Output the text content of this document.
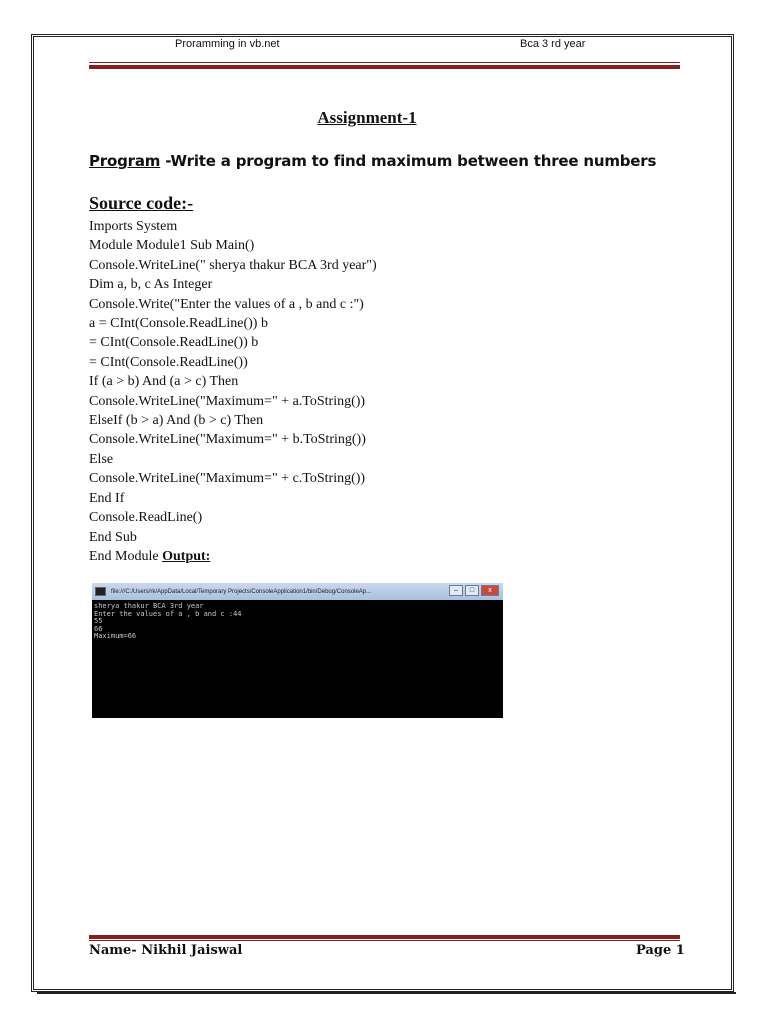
Proramming in vb.net	Bca 3 rd year
Assignment-1
Program -Write a program to find maximum between three numbers
Source code:-
Imports System
Module Module1 Sub Main()
Console.WriteLine(" sherya thakur BCA 3rd year")
Dim a, b, c As Integer
Console.Write("Enter the values of a , b and c :")
a = CInt(Console.ReadLine()) b
= CInt(Console.ReadLine()) b
= CInt(Console.ReadLine())
If (a > b) And (a > c) Then
Console.WriteLine("Maximum=" + a.ToString())
ElseIf (b > a) And (b > c) Then
Console.WriteLine("Maximum=" + b.ToString())
Else
Console.WriteLine("Maximum=" + c.ToString())
End If
Console.ReadLine()
End Sub
End Module Output:
file:///C:/Users/rk/AppData/Local/Temporary Projects/ConsoleApplication1/bin/Debug/ConsoleAp...	–	□	x
sherya thakur BCA 3rd year
Enter the values of a , b and c :44
55
66
Maximum=66
Name- Nikhil Jaiswal	Page 1
